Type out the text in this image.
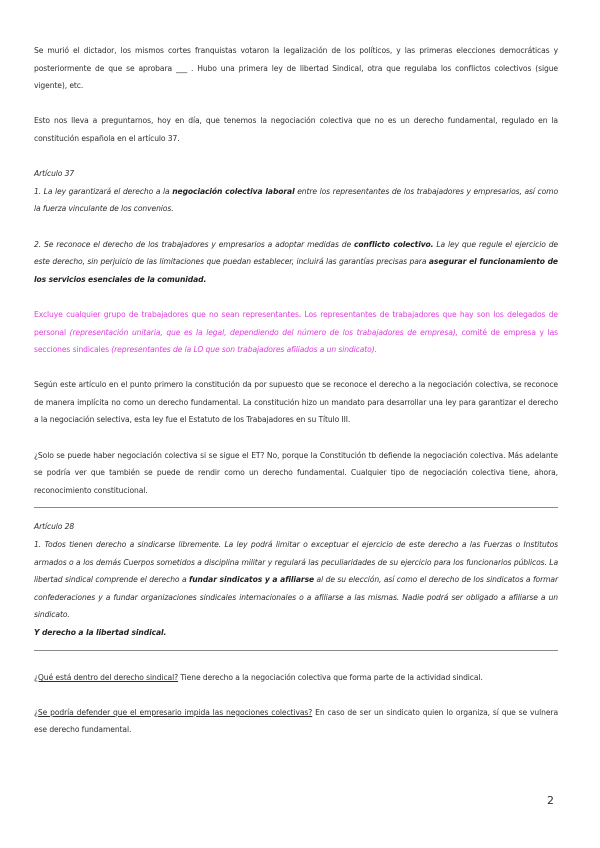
Se murió el dictador, los mismos cortes franquistas votaron la legalización de los políticos, y las primeras elecciones democráticas y posteriormente de que se aprobara ___ . Hubo una primera ley de libertad Sindical, otra que regulaba los conflictos colectivos (sigue vigente), etc.

Esto nos lleva a preguntarnos, hoy en día, que tenemos la negociación colectiva que no es un derecho fundamental, regulado en la constitución española en el artículo 37.

Artículo 37

1. La ley garantizará el derecho a la negociación colectiva laboral entre los representantes de los trabajadores y empresarios, así como la fuerza vinculante de los convenios.

2. Se reconoce el derecho de los trabajadores y empresarios a adoptar medidas de conflicto colectivo. La ley que regule el ejercicio de este derecho, sin perjuicio de las limitaciones que puedan establecer, incluirá las garantías precisas para asegurar el funcionamiento de los servicios esenciales de la comunidad.

Excluye cualquier grupo de trabajadores que no sean representantes. Los representantes de trabajadores que hay son los delegados de personal (representación unitaria, que es la legal, dependiendo del número de los trabajadores de empresa), comité de empresa y las secciones sindicales (representantes de la LO que son trabajadores afiliados a un sindicato).

Según este artículo en el punto primero la constitución da por supuesto que se reconoce el derecho a la negociación colectiva, se reconoce de manera implícita no como un derecho fundamental. La constitución hizo un mandato para desarrollar una ley para garantizar el derecho a la negociación selectiva, esta ley fue el Estatuto de los Trabajadores en su Título III.

¿Solo se puede haber negociación colectiva si se sigue el ET? No, porque la Constitución tb defiende la negociación colectiva. Más adelante se podría ver que también se puede de rendir como un derecho fundamental. Cualquier tipo de negociación colectiva tiene, ahora, reconocimiento constitucional.

Artículo 28

1. Todos tienen derecho a sindicarse libremente. La ley podrá limitar o exceptuar el ejercicio de este derecho a las Fuerzas o Institutos armados o a los demás Cuerpos sometidos a disciplina militar y regulará las peculiaridades de su ejercicio para los funcionarios públicos. La libertad sindical comprende el derecho a fundar sindicatos y a afiliarse al de su elección, así como el derecho de los sindicatos a formar confederaciones y a fundar organizaciones sindicales internacionales o a afiliarse a las mismas. Nadie podrá ser obligado a afiliarse a un sindicato.

Y derecho a la libertad sindical.

¿Qué está dentro del derecho sindical? Tiene derecho a la negociación colectiva que forma parte de la actividad sindical.

¿Se podría defender que el empresario impida las negociones colectivas? En caso de ser un sindicato quien lo organiza, sí que se vulnera ese derecho fundamental.

2
